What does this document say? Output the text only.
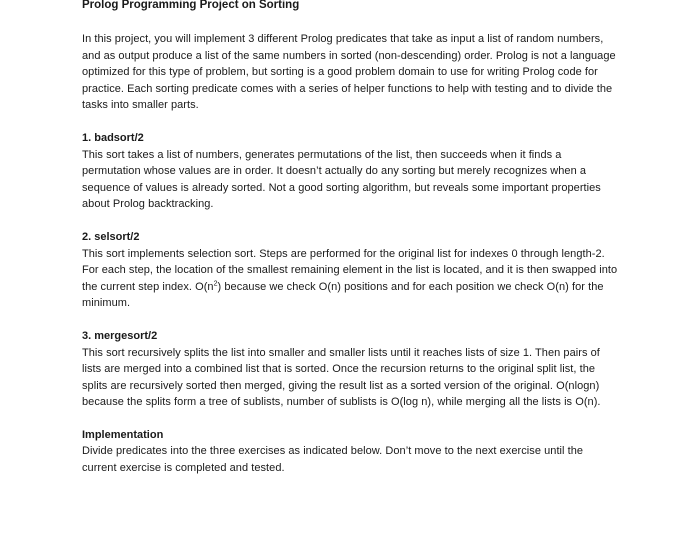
Prolog Programming Project on Sorting

In this project, you will implement 3 different Prolog predicates that take as input a list of random numbers, and as output produce a list of the same numbers in sorted (non-descending) order. Prolog is not a language optimized for this type of problem, but sorting is a good problem domain to use for writing Prolog code for practice. Each sorting predicate comes with a series of helper functions to help with testing and to divide the tasks into smaller parts.

1. badsort/2

This sort takes a list of numbers, generates permutations of the list, then succeeds when it finds a permutation whose values are in order. It doesn’t actually do any sorting but merely recognizes when a sequence of values is already sorted. Not a good sorting algorithm, but reveals some important properties about Prolog backtracking.

2. selsort/2

This sort implements selection sort. Steps are performed for the original list for indexes 0 through length-2. For each step, the location of the smallest remaining element in the list is located, and it is then swapped into the current step index. $O(n^2)$ because we check O(n) positions and for each position we check O(n) for the minimum.

3. mergesort/2

This sort recursively splits the list into smaller and smaller lists until it reaches lists of size 1. Then pairs of lists are merged into a combined list that is sorted. Once the recursion returns to the original split list, the splits are recursively sorted then merged, giving the result list as a sorted version of the original. O(nlogn) because the splits form a tree of sublists, number of sublists is O(log n), while merging all the lists is O(n).

Implementation

Divide predicates into the three exercises as indicated below. Don’t move to the next exercise until the current exercise is completed and tested.
